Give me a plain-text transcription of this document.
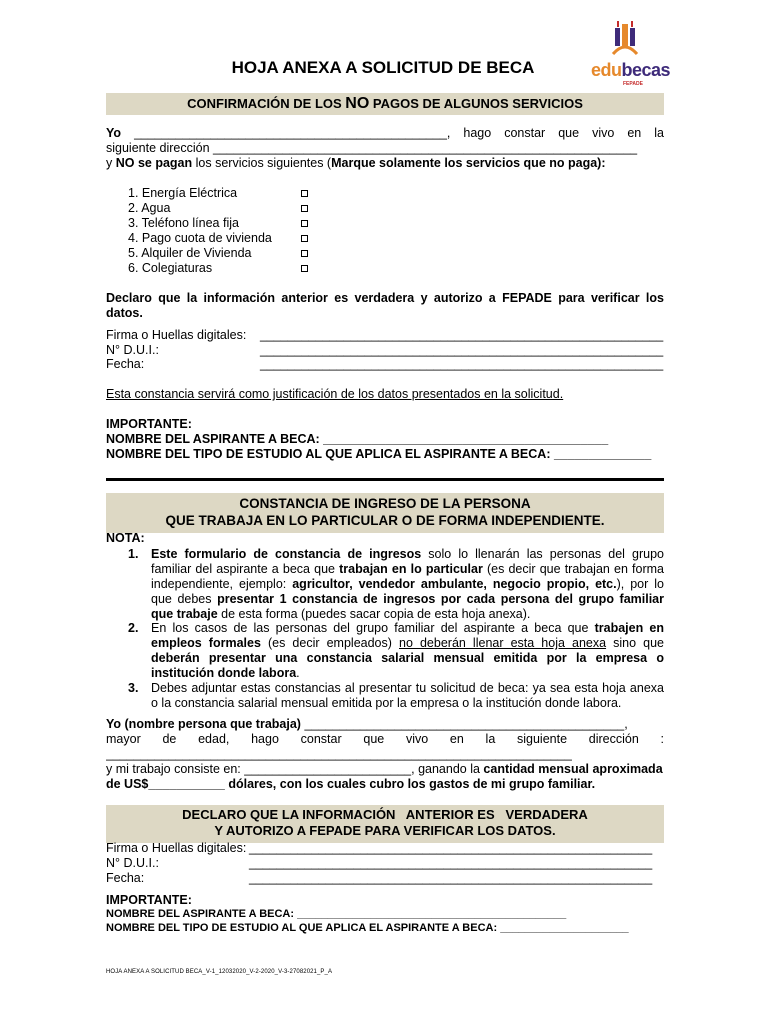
HOJA ANEXA A SOLICITUD DE BECA	edubecas
FEPADE
CONFIRMACIÓN DE LOS NO PAGOS DE ALGUNOS SERVICIOS
Yo _____________________________________________, hago constar que vivo en la
siguiente dirección _____________________________________________________________
y NO se pagan los servicios siguientes (Marque solamente los servicios que no paga):
1. Energía Eléctrica
2. Agua
3. Teléfono línea fija
4. Pago cuota de vivienda
5. Alquiler de Vivienda
6. Colegiaturas
Declaro que la información anterior es verdadera y autorizo a FEPADE para verificar los datos.
Firma o Huellas digitales:	__________________________________________________________
N° D.U.I.:	__________________________________________________________
Fecha:	__________________________________________________________
Esta constancia servirá como justificación de los datos presentados en la solicitud.
IMPORTANTE:
NOMBRE DEL ASPIRANTE A BECA: _________________________________________
NOMBRE DEL TIPO DE ESTUDIO AL QUE APLICA EL ASPIRANTE A BECA: ______________
CONSTANCIA DE INGRESO DE LA PERSONA
QUE TRABAJA EN LO PARTICULAR O DE FORMA INDEPENDIENTE.
NOTA:
1. Este formulario de constancia de ingresos solo lo llenarán las personas del grupo familiar del aspirante a beca que trabajan en lo particular (es decir que trabajan en forma independiente, ejemplo: agricultor, vendedor ambulante, negocio propio, etc.), por lo que debes presentar 1 constancia de ingresos por cada persona del grupo familiar que trabaje de esta forma (puedes sacar copia de esta hoja anexa).
2. En los casos de las personas del grupo familiar del aspirante a beca que trabajen en empleos formales (es decir empleados) no deberán llenar esta hoja anexa sino que deberán presentar una constancia salarial mensual emitida por la empresa o institución donde labora.
3. Debes adjuntar estas constancias al presentar tu solicitud de beca: ya sea esta hoja anexa o la constancia salarial mensual emitida por la empresa o la institución donde labora.
Yo (nombre persona que trabaja) ______________________________________________,
mayor de edad, hago constar que vivo en la siguiente dirección :
___________________________________________________________________
y mi trabajo consiste en: ________________________, ganando la cantidad mensual aproximada
de US$___________ dólares, con los cuales cubro los gastos de mi grupo familiar.
DECLARO QUE LA INFORMACIÓN   ANTERIOR ES   VERDADERA
Y AUTORIZO A FEPADE PARA VERIFICAR LOS DATOS.
Firma o Huellas digitales: __________________________________________________________
N° D.U.I.:	__________________________________________________________
Fecha:	__________________________________________________________
IMPORTANTE:
NOMBRE DEL ASPIRANTE A BECA: ____________________________________________
NOMBRE DEL TIPO DE ESTUDIO AL QUE APLICA EL ASPIRANTE A BECA: _____________________
HOJA ANEXA A SOLICITUD BECA_V-1_12032020_V-2-2020_V-3-27082021_P_A
